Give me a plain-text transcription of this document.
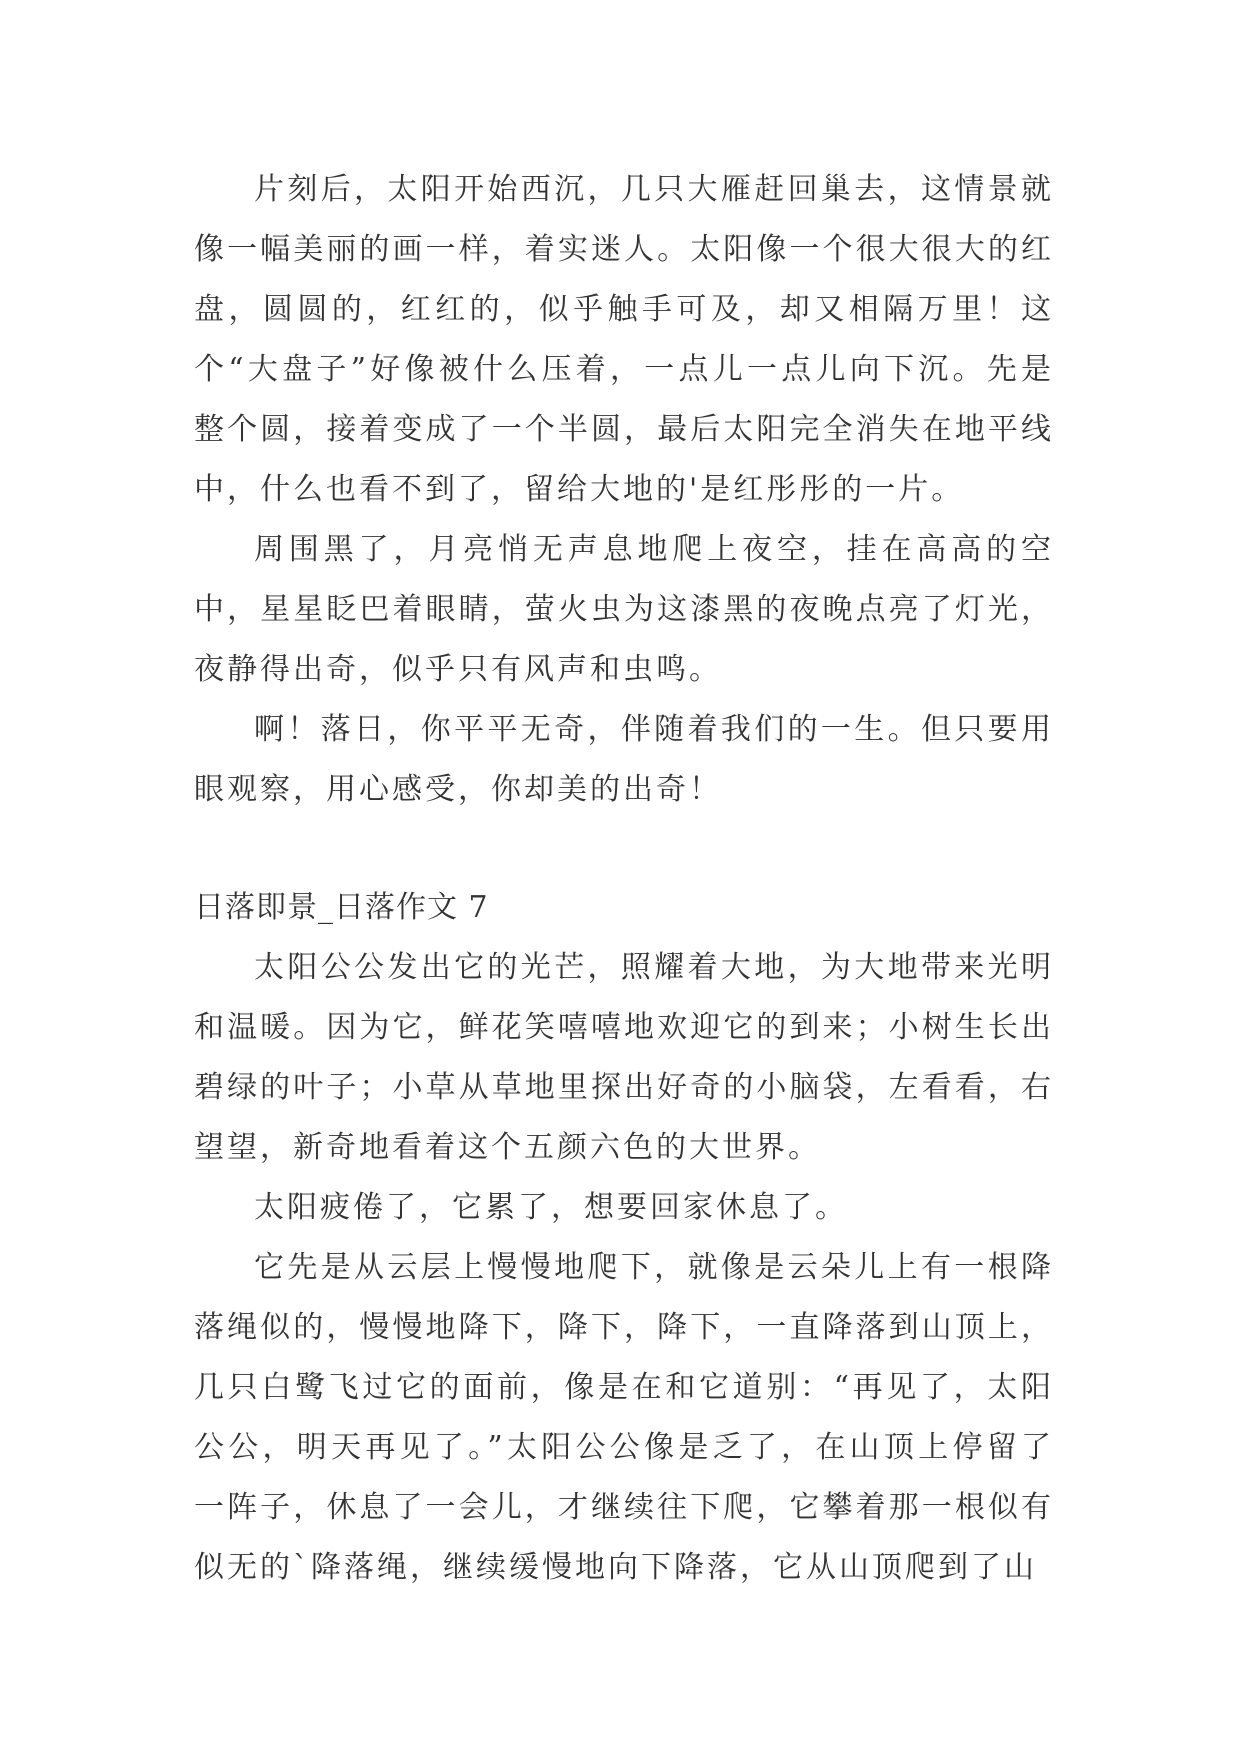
片刻后，太阳开始西沉，几只大雁赶回巢去，这情景就像一幅美丽的画一样，着实迷人。太阳像一个很大很大的红盘，圆圆的，红红的，似乎触手可及，却又相隔万里！这个“大盘子”好像被什么压着，一点儿一点儿向下沉。先是整个圆，接着变成了一个半圆，最后太阳完全消失在地平线中，什么也看不到了，留给大地的'是红彤彤的一片。

周围黑了，月亮悄无声息地爬上夜空，挂在高高的空中，星星眨巴着眼睛，萤火虫为这漆黑的夜晚点亮了灯光，夜静得出奇，似乎只有风声和虫鸣。

啊！落日，你平平无奇，伴随着我们的一生。但只要用眼观察，用心感受，你却美的出奇！

日落即景_日落作文 7

太阳公公发出它的光芒，照耀着大地，为大地带来光明和温暖。因为它，鲜花笑嘻嘻地欢迎它的到来；小树生长出碧绿的叶子；小草从草地里探出好奇的小脑袋，左看看，右望望，新奇地看着这个五颜六色的大世界。

太阳疲倦了，它累了，想要回家休息了。

它先是从云层上慢慢地爬下，就像是云朵儿上有一根降落绳似的，慢慢地降下，降下，降下，一直降落到山顶上，几只白鹭飞过它的面前，像是在和它道别：“再见了，太阳公公，明天再见了。”太阳公公像是乏了，在山顶上停留了一阵子，休息了一会儿，才继续往下爬，它攀着那一根似有似无的`降落绳，继续缓慢地向下降落，它从山顶爬到了山
